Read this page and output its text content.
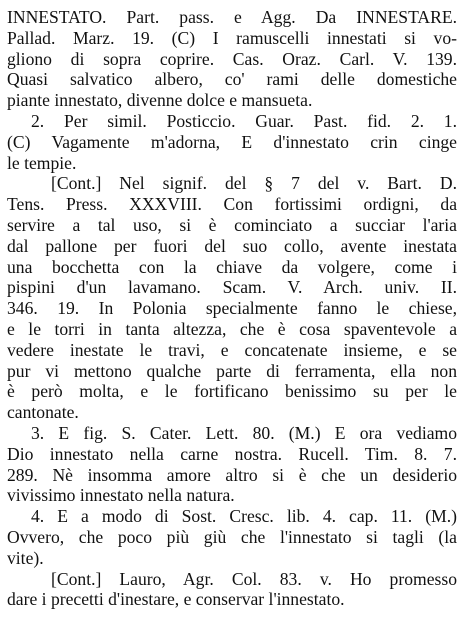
INNESTATO. Part. pass. e Agg. Da INNESTARE.
Pallad. Marz. 19. (C) I ramuscelli innestati si vo-
gliono di sopra coprire. Cas. Oraz. Carl. V. 139.
Quasi salvatico albero, co' rami delle domestiche
piante innestato, divenne dolce e mansueta.
2. Per simil. Posticcio. Guar. Past. fid. 2. 1.
(C) Vagamente m'adorna, E d'innestato crin cinge
le tempie.
[Cont.] Nel signif. del § 7 del v. Bart. D.
Tens. Press. XXXVIII. Con fortissimi ordigni, da
servire a tal uso, si è cominciato a succiar l'aria
dal pallone per fuori del suo collo, avente inestata
una bocchetta con la chiave da volgere, come i
pispini d'un lavamano. Scam. V. Arch. univ. II.
346. 19. In Polonia specialmente fanno le chiese,
e le torri in tanta altezza, che è cosa spaventevole a
vedere inestate le travi, e concatenate insieme, e se
pur vi mettono qualche parte di ferramenta, ella non
è però molta, e le fortificano benissimo su per le
cantonate.
3. E fig. S. Cater. Lett. 80. (M.) E ora vediamo
Dio innestato nella carne nostra. Rucell. Tim. 8. 7.
289. Nè insomma amore altro si è che un desiderio
vivissimo innestato nella natura.
4. E a modo di Sost. Cresc. lib. 4. cap. 11. (M.)
Ovvero, che poco più giù che l'innestato si tagli (la
vite).
[Cont.] Lauro, Agr. Col. 83. v. Ho promesso
dare i precetti d'inestare, e conservar l'innestato.
